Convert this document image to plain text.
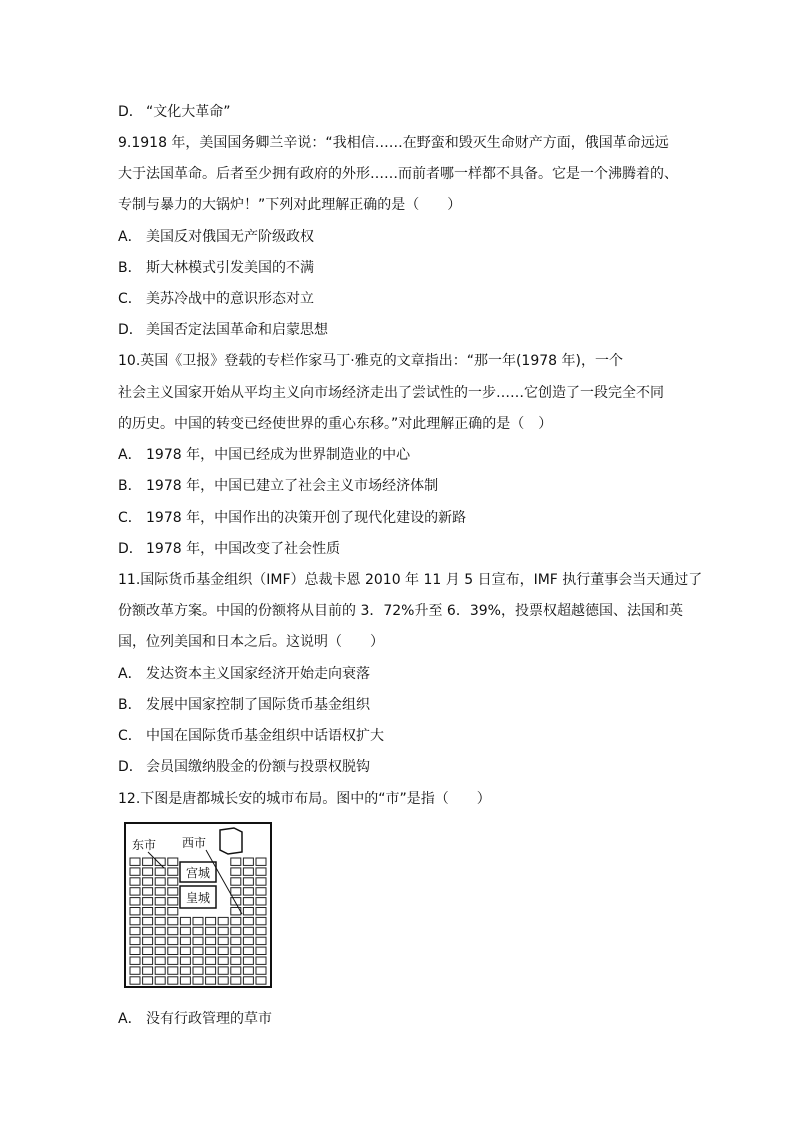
D． “文化大革命”
9.1918 年，美国国务卿兰辛说：“我相信……在野蛮和毁灭生命财产方面，俄国革命远远
大于法国革命。后者至少拥有政府的外形……而前者哪一样都不具备。它是一个沸腾着的、
专制与暴力的大锅炉！”下列对此理解正确的是（　　）
A． 美国反对俄国无产阶级政权
B． 斯大林模式引发美国的不满
C． 美苏冷战中的意识形态对立
D． 美国否定法国革命和启蒙思想
10.英国《卫报》登载的专栏作家马丁·雅克的文章指出：“那一年(1978 年)，一个
社会主义国家开始从平均主义向市场经济走出了尝试性的一步……它创造了一段完全不同
的历史。中国的转变已经使世界的重心东移。”对此理解正确的是（　）
A． 1978 年，中国已经成为世界制造业的中心
B． 1978 年，中国已建立了社会主义市场经济体制
C． 1978 年，中国作出的决策开创了现代化建设的新路
D． 1978 年，中国改变了社会性质
11.国际货币基金组织（IMF）总裁卡恩 2010 年 11 月 5 日宣布，IMF 执行董事会当天通过了
份额改革方案。中国的份额将从目前的 3．72%升至 6．39%，投票权超越德国、法国和英
国，位列美国和日本之后。这说明（　　）
A． 发达资本主义国家经济开始走向衰落
B． 发展中国家控制了国际货币基金组织
C． 中国在国际货币基金组织中话语权扩大
D． 会员国缴纳股金的份额与投票权脱钩
12.下图是唐都城长安的城市布局。图中的“市”是指（　　）
宫城
皇城
东市 西市
A． 没有行政管理的草市
